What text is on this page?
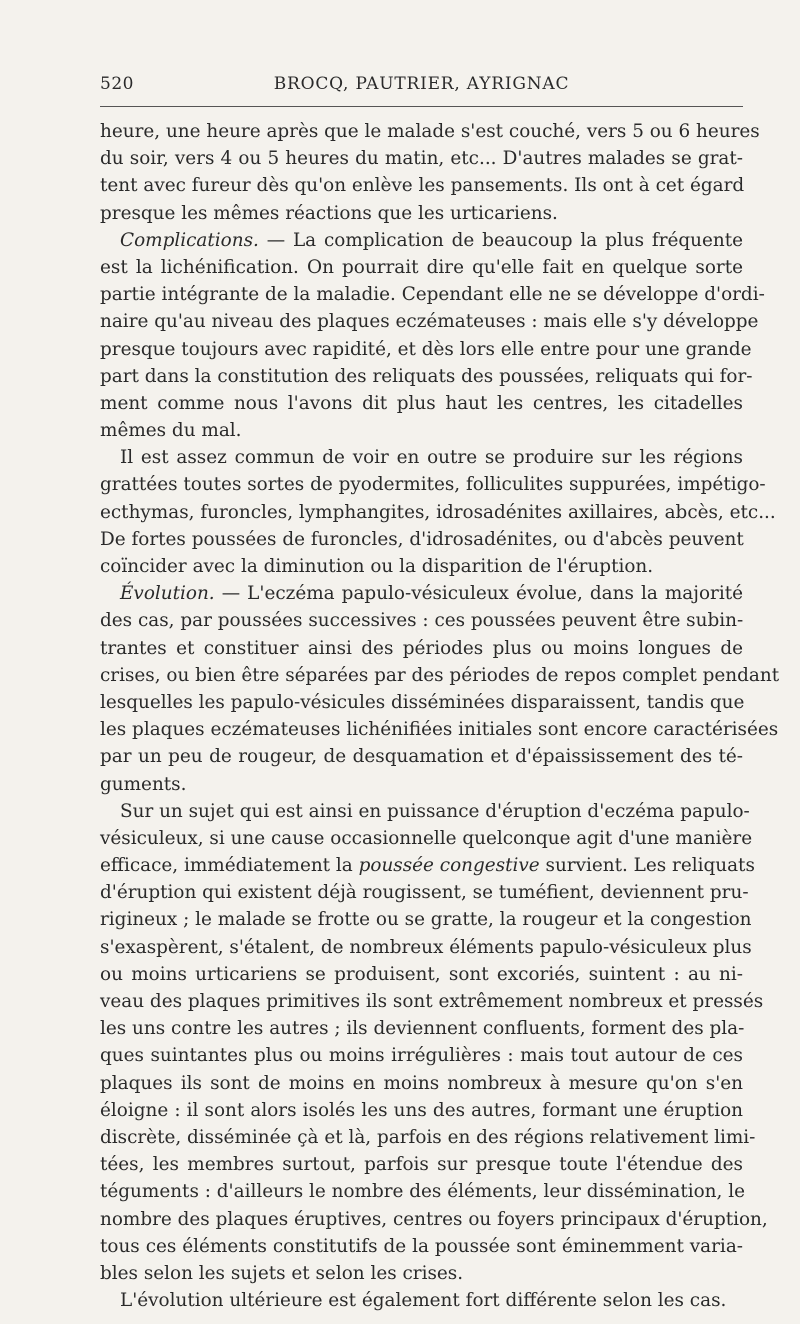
520	BROCQ, PAUTRIER, AYRIGNAC
heure, une heure après que le malade s'est couché, vers 5 ou 6 heures
du soir, vers 4 ou 5 heures du matin, etc... D'autres malades se grat-
tent avec fureur dès qu'on enlève les pansements. Ils ont à cet égard
presque les mêmes réactions que les urticariens.
Complications. — La complication de beaucoup la plus fréquente
est la lichénification. On pourrait dire qu'elle fait en quelque sorte
partie intégrante de la maladie. Cependant elle ne se développe d'ordi-
naire qu'au niveau des plaques eczémateuses : mais elle s'y développe
presque toujours avec rapidité, et dès lors elle entre pour une grande
part dans la constitution des reliquats des poussées, reliquats qui for-
ment comme nous l'avons dit plus haut les centres, les citadelles
mêmes du mal.
Il est assez commun de voir en outre se produire sur les régions
grattées toutes sortes de pyodermites, folliculites suppurées, impétigo-
ecthymas, furoncles, lymphangites, idrosadénites axillaires, abcès, etc...
De fortes poussées de furoncles, d'idrosadénites, ou d'abcès peuvent
coïncider avec la diminution ou la disparition de l'éruption.
Évolution. — L'eczéma papulo-vésiculeux évolue, dans la majorité
des cas, par poussées successives : ces poussées peuvent être subin-
trantes et constituer ainsi des périodes plus ou moins longues de
crises, ou bien être séparées par des périodes de repos complet pendant
lesquelles les papulo-vésicules disséminées disparaissent, tandis que
les plaques eczémateuses lichénifiées initiales sont encore caractérisées
par un peu de rougeur, de desquamation et d'épaississement des té-
guments.
Sur un sujet qui est ainsi en puissance d'éruption d'eczéma papulo-
vésiculeux, si une cause occasionnelle quelconque agit d'une manière
efficace, immédiatement la poussée congestive survient. Les reliquats
d'éruption qui existent déjà rougissent, se tuméfient, deviennent pru-
rigineux ; le malade se frotte ou se gratte, la rougeur et la congestion
s'exaspèrent, s'étalent, de nombreux éléments papulo-vésiculeux plus
ou moins urticariens se produisent, sont excoriés, suintent : au ni-
veau des plaques primitives ils sont extrêmement nombreux et pressés
les uns contre les autres ; ils deviennent confluents, forment des pla-
ques suintantes plus ou moins irrégulières : mais tout autour de ces
plaques ils sont de moins en moins nombreux à mesure qu'on s'en
éloigne : il sont alors isolés les uns des autres, formant une éruption
discrète, disséminée çà et là, parfois en des régions relativement limi-
tées, les membres surtout, parfois sur presque toute l'étendue des
téguments : d'ailleurs le nombre des éléments, leur dissémination, le
nombre des plaques éruptives, centres ou foyers principaux d'éruption,
tous ces éléments constitutifs de la poussée sont éminemment varia-
bles selon les sujets et selon les crises.
L'évolution ultérieure est également fort différente selon les cas.
